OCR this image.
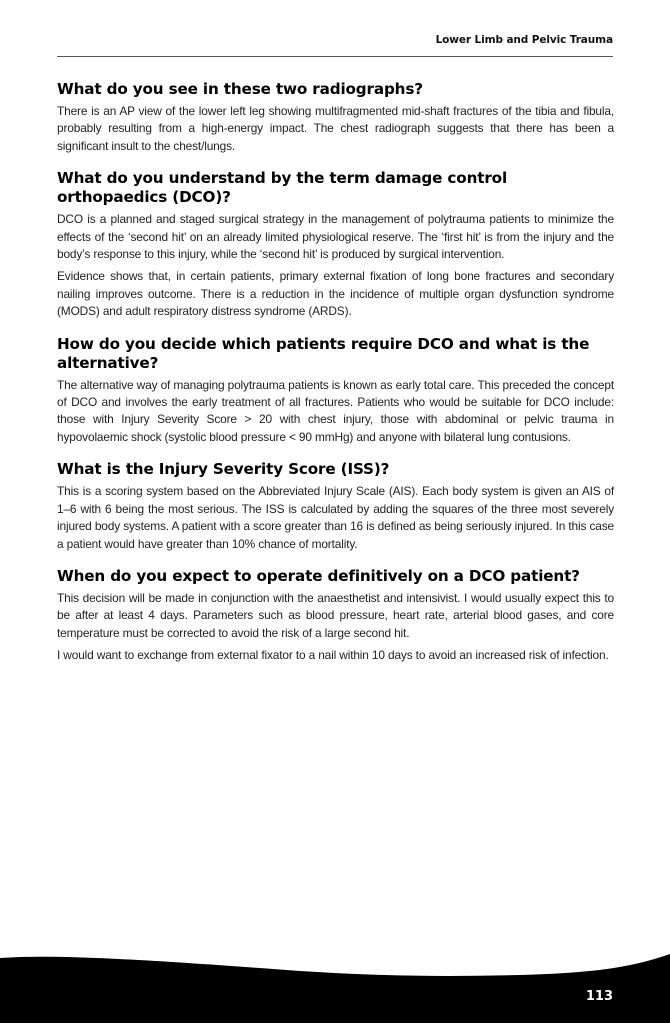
Lower Limb and Pelvic Trauma
What do you see in these two radiographs?

There is an AP view of the lower left leg showing multifragmented mid-shaft fractures of the tibia and fibula, probably resulting from a high-energy impact. The chest radiograph suggests that there has been a significant insult to the chest/lungs.

What do you understand by the term damage control orthopaedics (DCO)?

DCO is a planned and staged surgical strategy in the management of polytrauma patients to minimize the effects of the ‘second hit’ on an already limited physiological reserve. The ‘first hit’ is from the injury and the body’s response to this injury, while the ‘second hit’ is produced by surgical intervention.

Evidence shows that, in certain patients, primary external fixation of long bone fractures and secondary nailing improves outcome. There is a reduction in the incidence of multiple organ dysfunction syndrome (MODS) and adult respiratory distress syndrome (ARDS).

How do you decide which patients require DCO and what is the alternative?

The alternative way of managing polytrauma patients is known as early total care. This preceded the concept of DCO and involves the early treatment of all fractures. Patients who would be suitable for DCO include: those with Injury Severity Score > 20 with chest injury, those with abdominal or pelvic trauma in hypovolaemic shock (systolic blood pressure < 90 mmHg) and anyone with bilateral lung contusions.

What is the Injury Severity Score (ISS)?

This is a scoring system based on the Abbreviated Injury Scale (AIS). Each body system is given an AIS of 1–6 with 6 being the most serious. The ISS is calculated by adding the squares of the three most severely injured body systems. A patient with a score greater than 16 is defined as being seriously injured. In this case a patient would have greater than 10% chance of mortality.

When do you expect to operate definitively on a DCO patient?

This decision will be made in conjunction with the anaesthetist and intensivist. I would usually expect this to be after at least 4 days. Parameters such as blood pressure, heart rate, arterial blood gases, and core temperature must be corrected to avoid the risk of a large second hit.

I would want to exchange from external fixator to a nail within 10 days to avoid an increased risk of infection.

113
